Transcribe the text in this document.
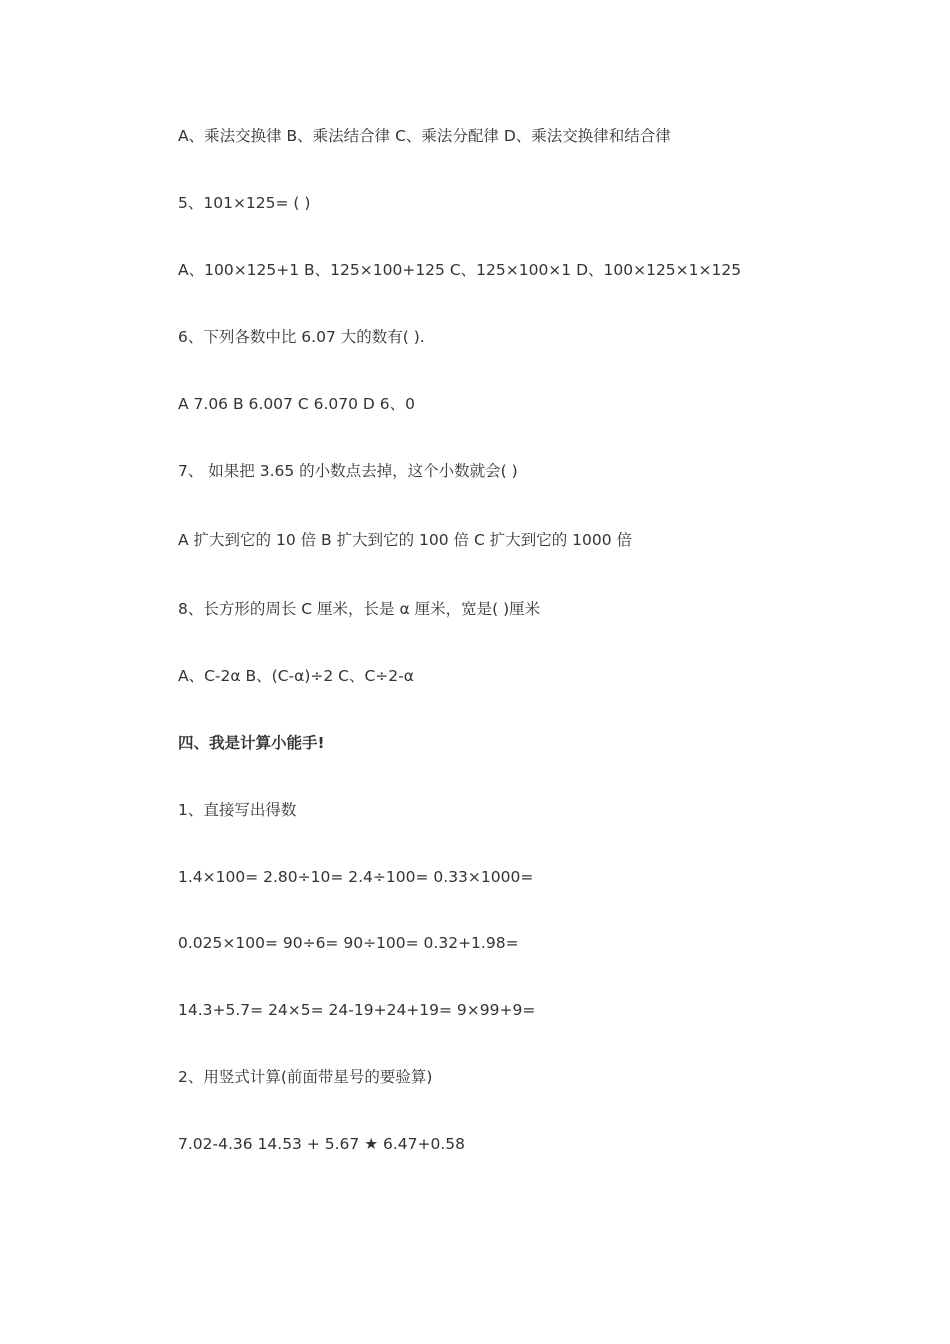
A、乘法交换律 B、乘法结合律 C、乘法分配律 D、乘法交换律和结合律
5、101×125= ( )
A、100×125+1 B、125×100+125 C、125×100×1 D、100×125×1×125
6、下列各数中比 6.07 大的数有( ).
A 7.06 B 6.007 C 6.070 D 6、0
7、 如果把 3.65 的小数点去掉，这个小数就会( )
A 扩大到它的 10 倍 B 扩大到它的 100 倍 C 扩大到它的 1000 倍
8、长方形的周长 C 厘米，长是 α 厘米，宽是( )厘米
A、C-2α B、(C-α)÷2 C、C÷2-α
四、我是计算小能手!
1、直接写出得数
1.4×100= 2.80÷10= 2.4÷100= 0.33×1000=
0.025×100= 90÷6= 90÷100= 0.32+1.98=
14.3+5.7= 24×5= 24-19+24+19= 9×99+9=
2、用竖式计算(前面带星号的要验算)
7.02-4.36 14.53 + 5.67 ★ 6.47+0.58
